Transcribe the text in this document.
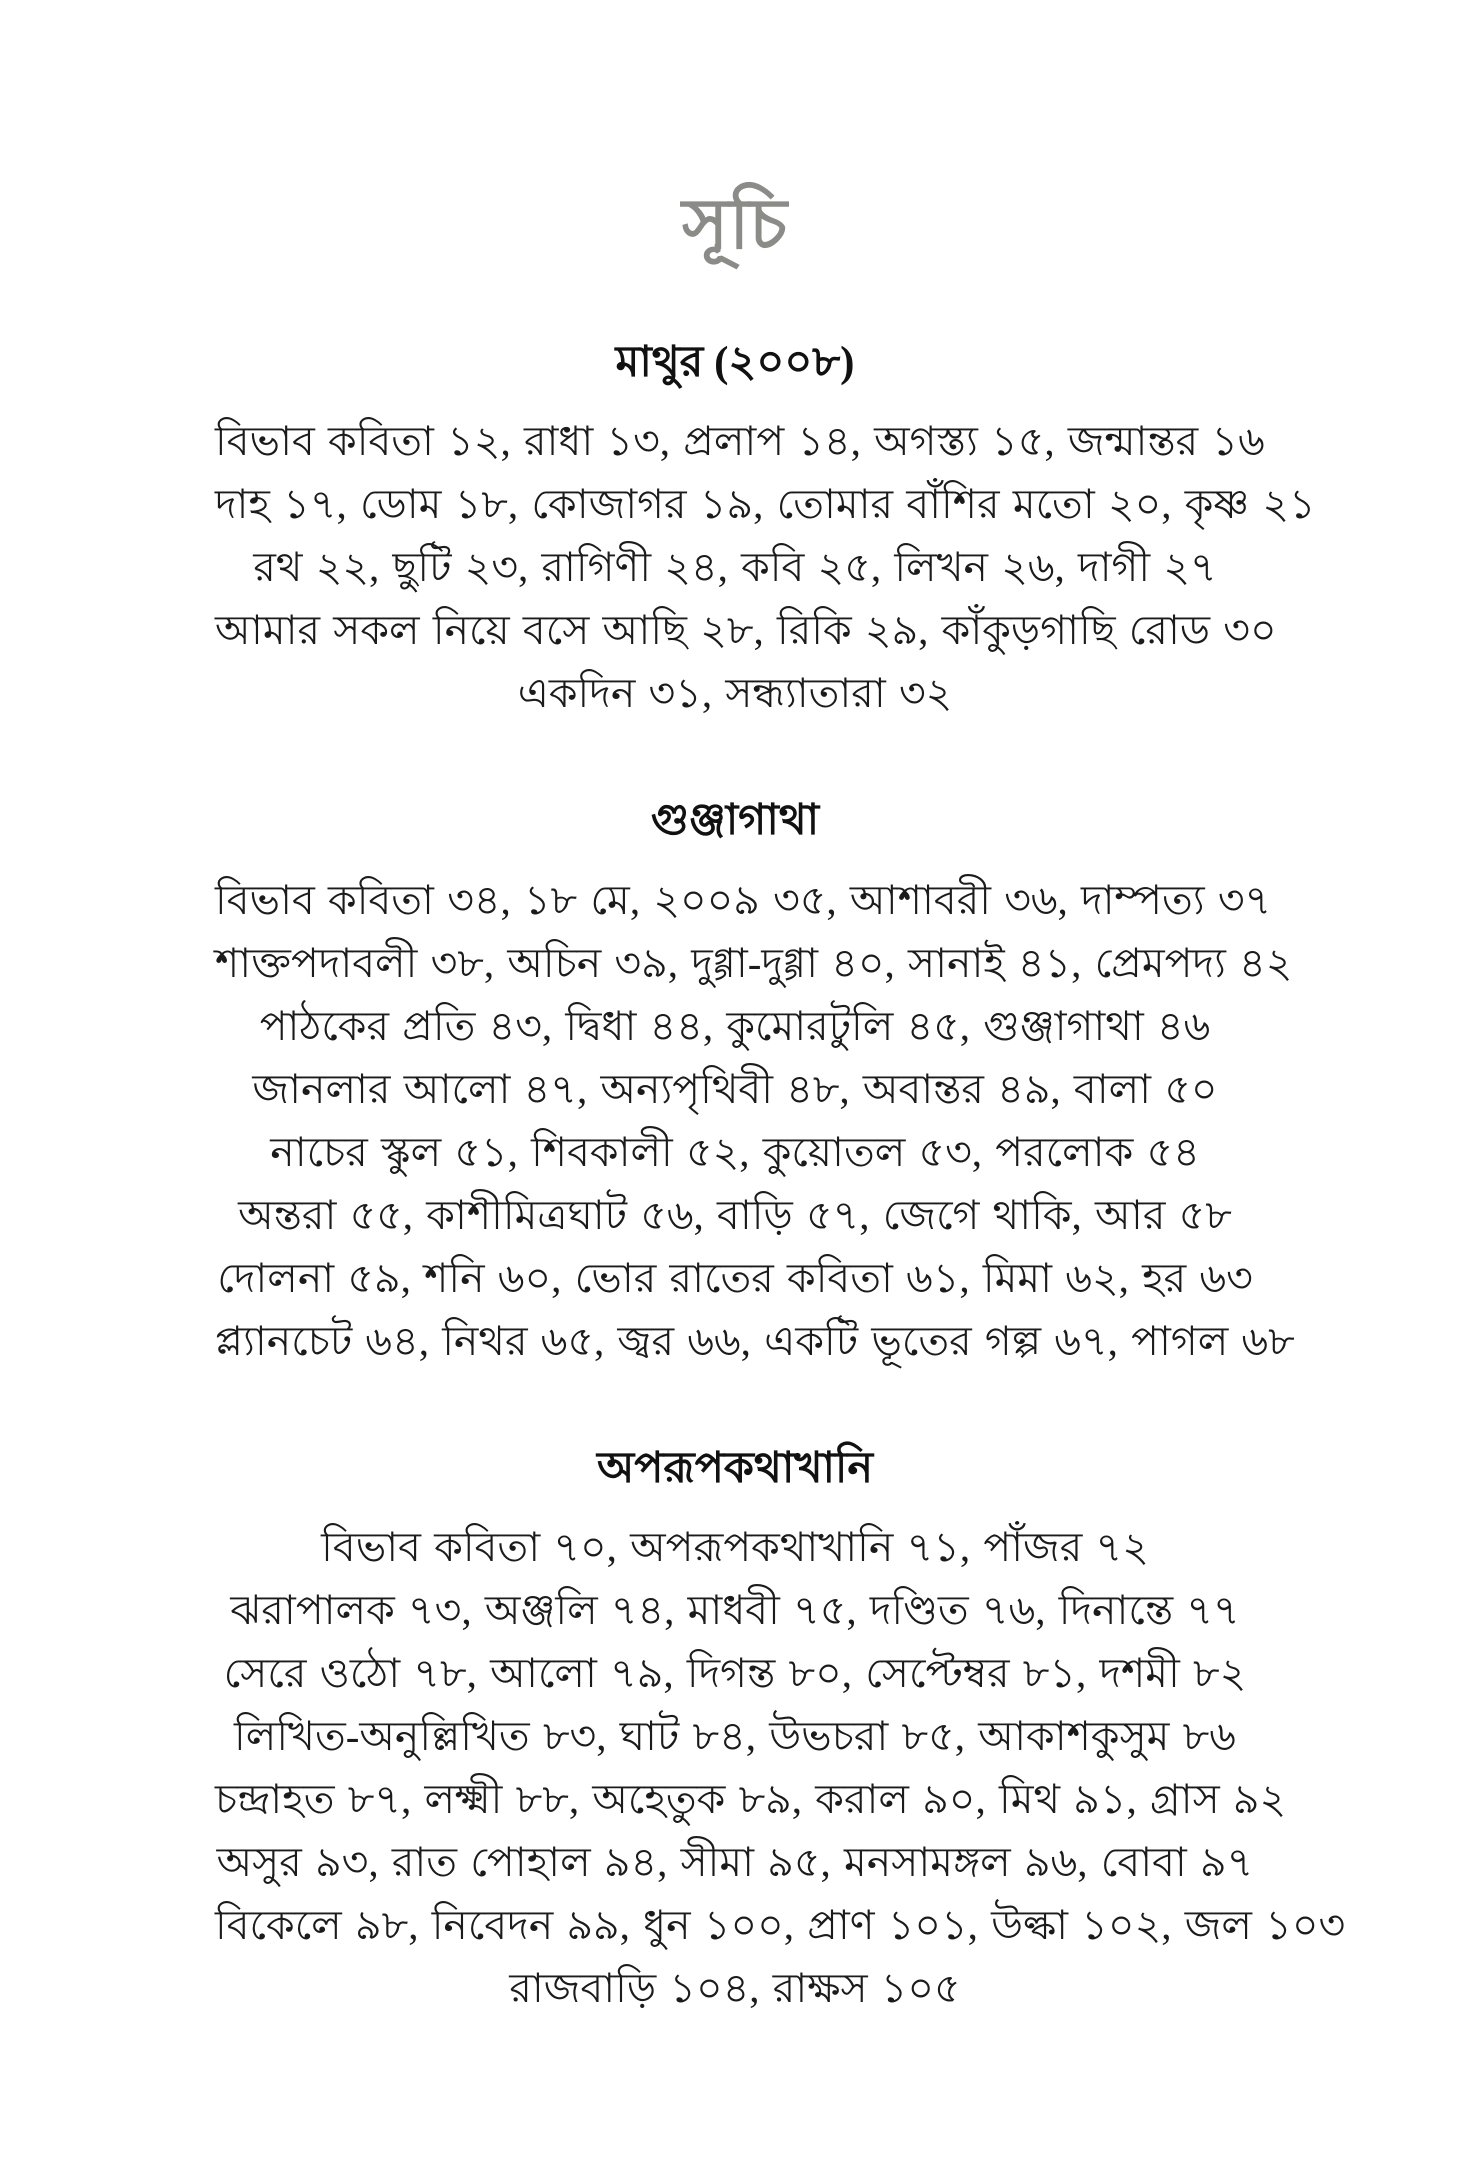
সূচি
মাথুর (২০০৮)

বিভাব কবিতা ১২, রাধা ১৩, প্রলাপ ১৪, অগস্ত্য ১৫, জন্মান্তর ১৬

দাহ ১৭, ডোম ১৮, কোজাগর ১৯, তোমার বাঁশির মতো ২০, কৃষ্ণ ২১

রথ ২২, ছুটি ২৩, রাগিণী ২৪, কবি ২৫, লিখন ২৬, দাগী ২৭

আমার সকল নিয়ে বসে আছি ২৮, রিকি ২৯, কাঁকুড়গাছি রোড ৩০

একদিন ৩১, সন্ধ্যাতারা ৩২

গুঞ্জাগাথা

বিভাব কবিতা ৩৪, ১৮ মে, ২০০৯ ৩৫, আশাবরী ৩৬, দাম্পত্য ৩৭

শাক্তপদাবলী ৩৮, অচিন ৩৯, দুগ্গা-দুগ্গা ৪০, সানাই ৪১, প্রেমপদ্য ৪২

পাঠকের প্রতি ৪৩, দ্বিধা ৪৪, কুমোরটুলি ৪৫, গুঞ্জাগাথা ৪৬

জানলার আলো ৪৭, অন্যপৃথিবী ৪৮, অবান্তর ৪৯, বালা ৫০

নাচের স্কুল ৫১, শিবকালী ৫২, কুয়োতল ৫৩, পরলোক ৫৪

অন্তরা ৫৫, কাশীমিত্রঘাট ৫৬, বাড়ি ৫৭, জেগে থাকি, আর ৫৮

দোলনা ৫৯, শনি ৬০, ভোর রাতের কবিতা ৬১, মিমা ৬২, হর ৬৩

প্ল্যানচেট ৬৪, নিথর ৬৫, জ্বর ৬৬, একটি ভূতের গল্প ৬৭, পাগল ৬৮

অপরূপকথাখানি

বিভাব কবিতা ৭০, অপরূপকথাখানি ৭১, পাঁজর ৭২

ঝরাপালক ৭৩, অঞ্জলি ৭৪, মাধবী ৭৫, দণ্ডিত ৭৬, দিনান্তে ৭৭

সেরে ওঠো ৭৮, আলো ৭৯, দিগন্ত ৮০, সেপ্টেম্বর ৮১, দশমী ৮২

লিখিত-অনুল্লিখিত ৮৩, ঘাট ৮৪, উভচরা ৮৫, আকাশকুসুম ৮৬

চন্দ্রাহত ৮৭, লক্ষ্মী ৮৮, অহেতুক ৮৯, করাল ৯০, মিথ ৯১, গ্রাস ৯২

অসুর ৯৩, রাত পোহাল ৯৪, সীমা ৯৫, মনসামঙ্গল ৯৬, বোবা ৯৭

বিকেলে ৯৮, নিবেদন ৯৯, ধুন ১০০, প্রাণ ১০১, উল্কা ১০২, জল ১০৩

রাজবাড়ি ১০৪, রাক্ষস ১০৫
